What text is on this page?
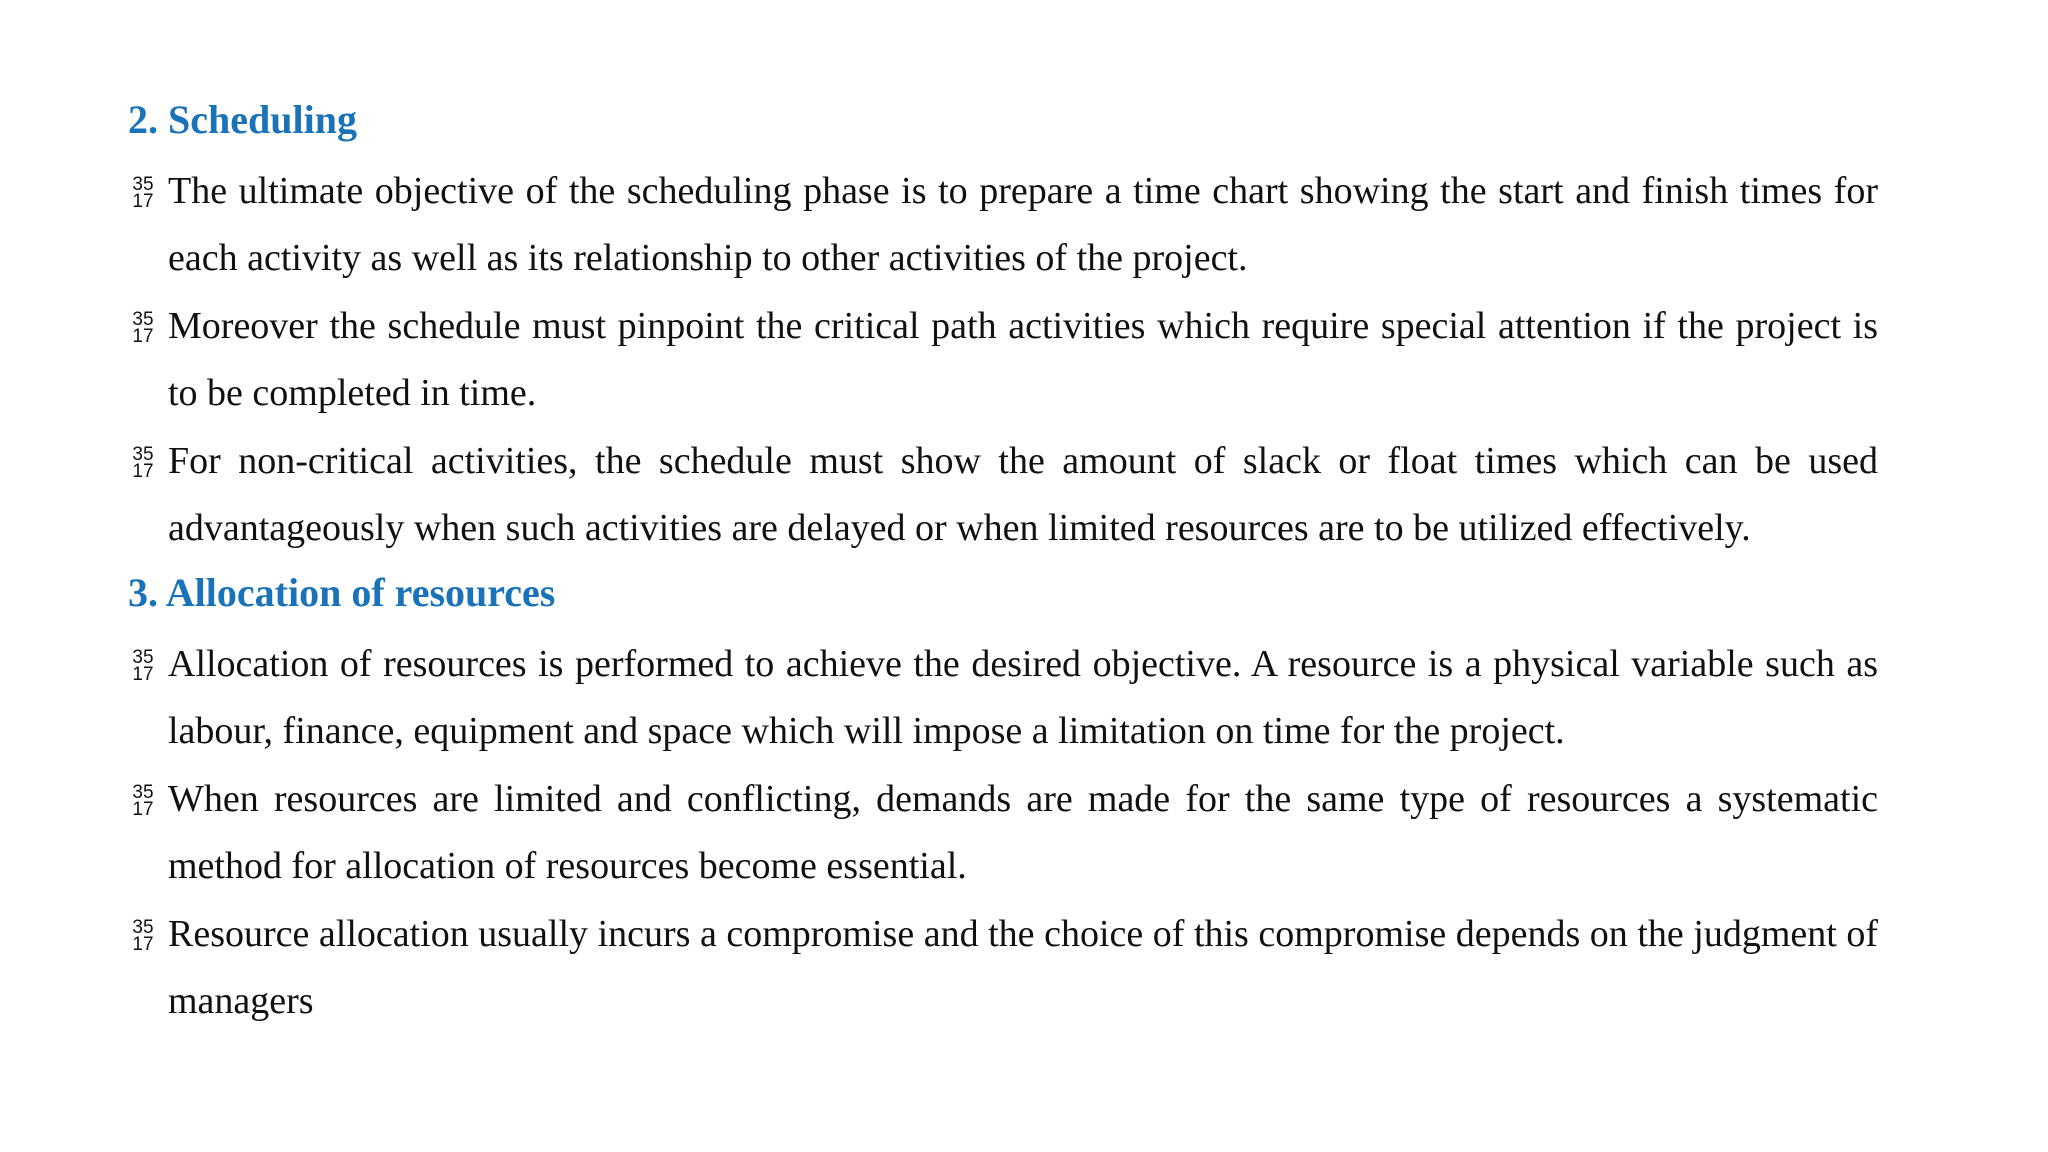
2. Scheduling
35
17 The ultimate objective of the scheduling phase is to prepare a time chart showing the start and finish times for each activity as well as its relationship to other activities of the project.
35
17 Moreover the schedule must pinpoint the critical path activities which require special attention if the project is to be completed in time.
35
17 For non-critical activities, the schedule must show the amount of slack or float times which can be used advantageously when such activities are delayed or when limited resources are to be utilized effectively.
3. Allocation of resources
35
17 Allocation of resources is performed to achieve the desired objective. A resource is a physical variable such as labour, finance, equipment and space which will impose a limitation on time for the project.
35
17 When resources are limited and conflicting, demands are made for the same type of resources a systematic method for allocation of resources become essential.
35
17 Resource allocation usually incurs a compromise and the choice of this compromise depends on the judgment of managers
